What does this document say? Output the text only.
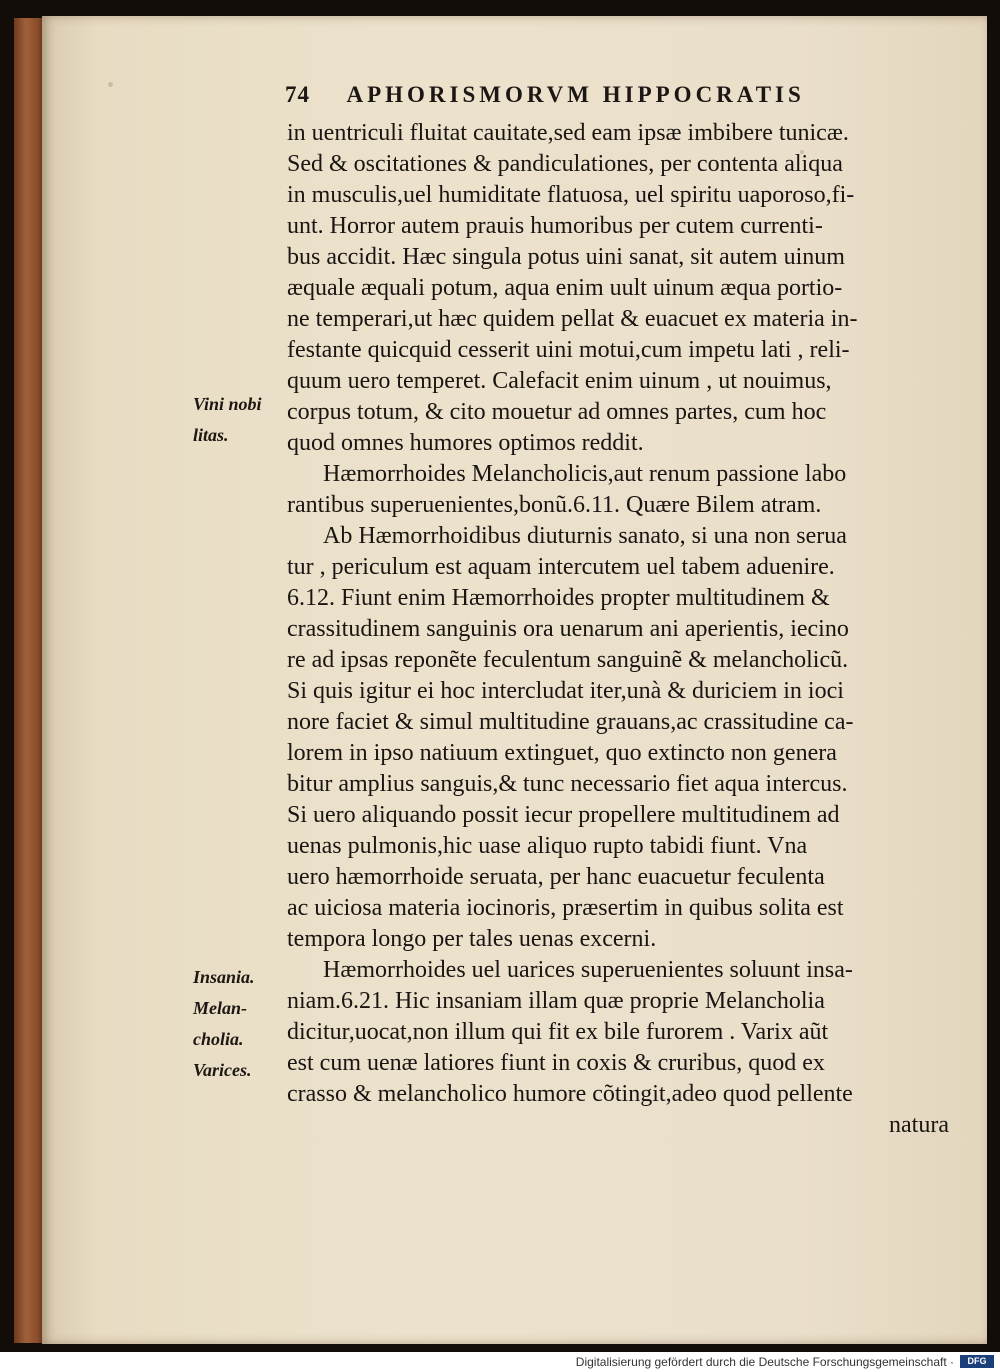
74 APHORISMORVM HIPPOCRATIS
in uentriculi fluitat cauitate,sed eam ipsæ imbibere tunicæ.
Sed & oscitationes & pandiculationes, per contenta aliqua
in musculis,uel humiditate flatuosa, uel spiritu uaporoso,fi-
unt. Horror autem prauis humoribus per cutem currenti-
bus accidit. Hæc singula potus uini sanat, sit autem uinum
æquale æquali potum, aqua enim uult uinum æqua portio-
ne temperari,ut hæc quidem pellat & euacuet ex materia in-
festante quicquid cesserit uini motui,cum impetu lati , reli-
quum uero temperet. Calefacit enim uinum , ut nouimus,
corpus totum, & cito mouetur ad omnes partes, cum hoc
quod omnes humores optimos reddit.
Hæmorrhoides Melancholicis,aut renum passione labo
rantibus superuenientes,bonũ.6.11. Quære Bilem atram.
Ab Hæmorrhoidibus diuturnis sanato, si una non serua
tur , periculum est aquam intercutem uel tabem aduenire.
6.12. Fiunt enim Hæmorrhoides propter multitudinem &
crassitudinem sanguinis ora uenarum ani aperientis, iecino
re ad ipsas reponẽte feculentum sanguinẽ & melancholicũ.
Si quis igitur ei hoc intercludat iter,unà & duriciem in ioci
nore faciet & simul multitudine grauans,ac crassitudine ca-
lorem in ipso natiuum extinguet, quo extincto non genera
bitur amplius sanguis,& tunc necessario fiet aqua intercus.
Si uero aliquando possit iecur propellere multitudinem ad
uenas pulmonis,hic uase aliquo rupto tabidi fiunt. Vna
uero hæmorrhoide seruata, per hanc euacuetur feculenta
ac uiciosa materia iocinoris, præsertim in quibus solita est
tempora longo per tales uenas excerni.
Hæmorrhoides uel uarices superuenientes soluunt insa-
niam.6.21. Hic insaniam illam quæ proprie Melancholia
dicitur,uocat,non illum qui fit ex bile furorem . Varix aũt
est cum uenæ latiores fiunt in coxis & cruribus, quod ex
crasso & melancholico humore cõtingit,adeo quod pellente
natura
Vini nobi
litas.
Insania.
Melan-
cholia.
Varices.
Digitalisierung gefördert durch die Deutsche Forschungsgemeinschaft ·	DFG
